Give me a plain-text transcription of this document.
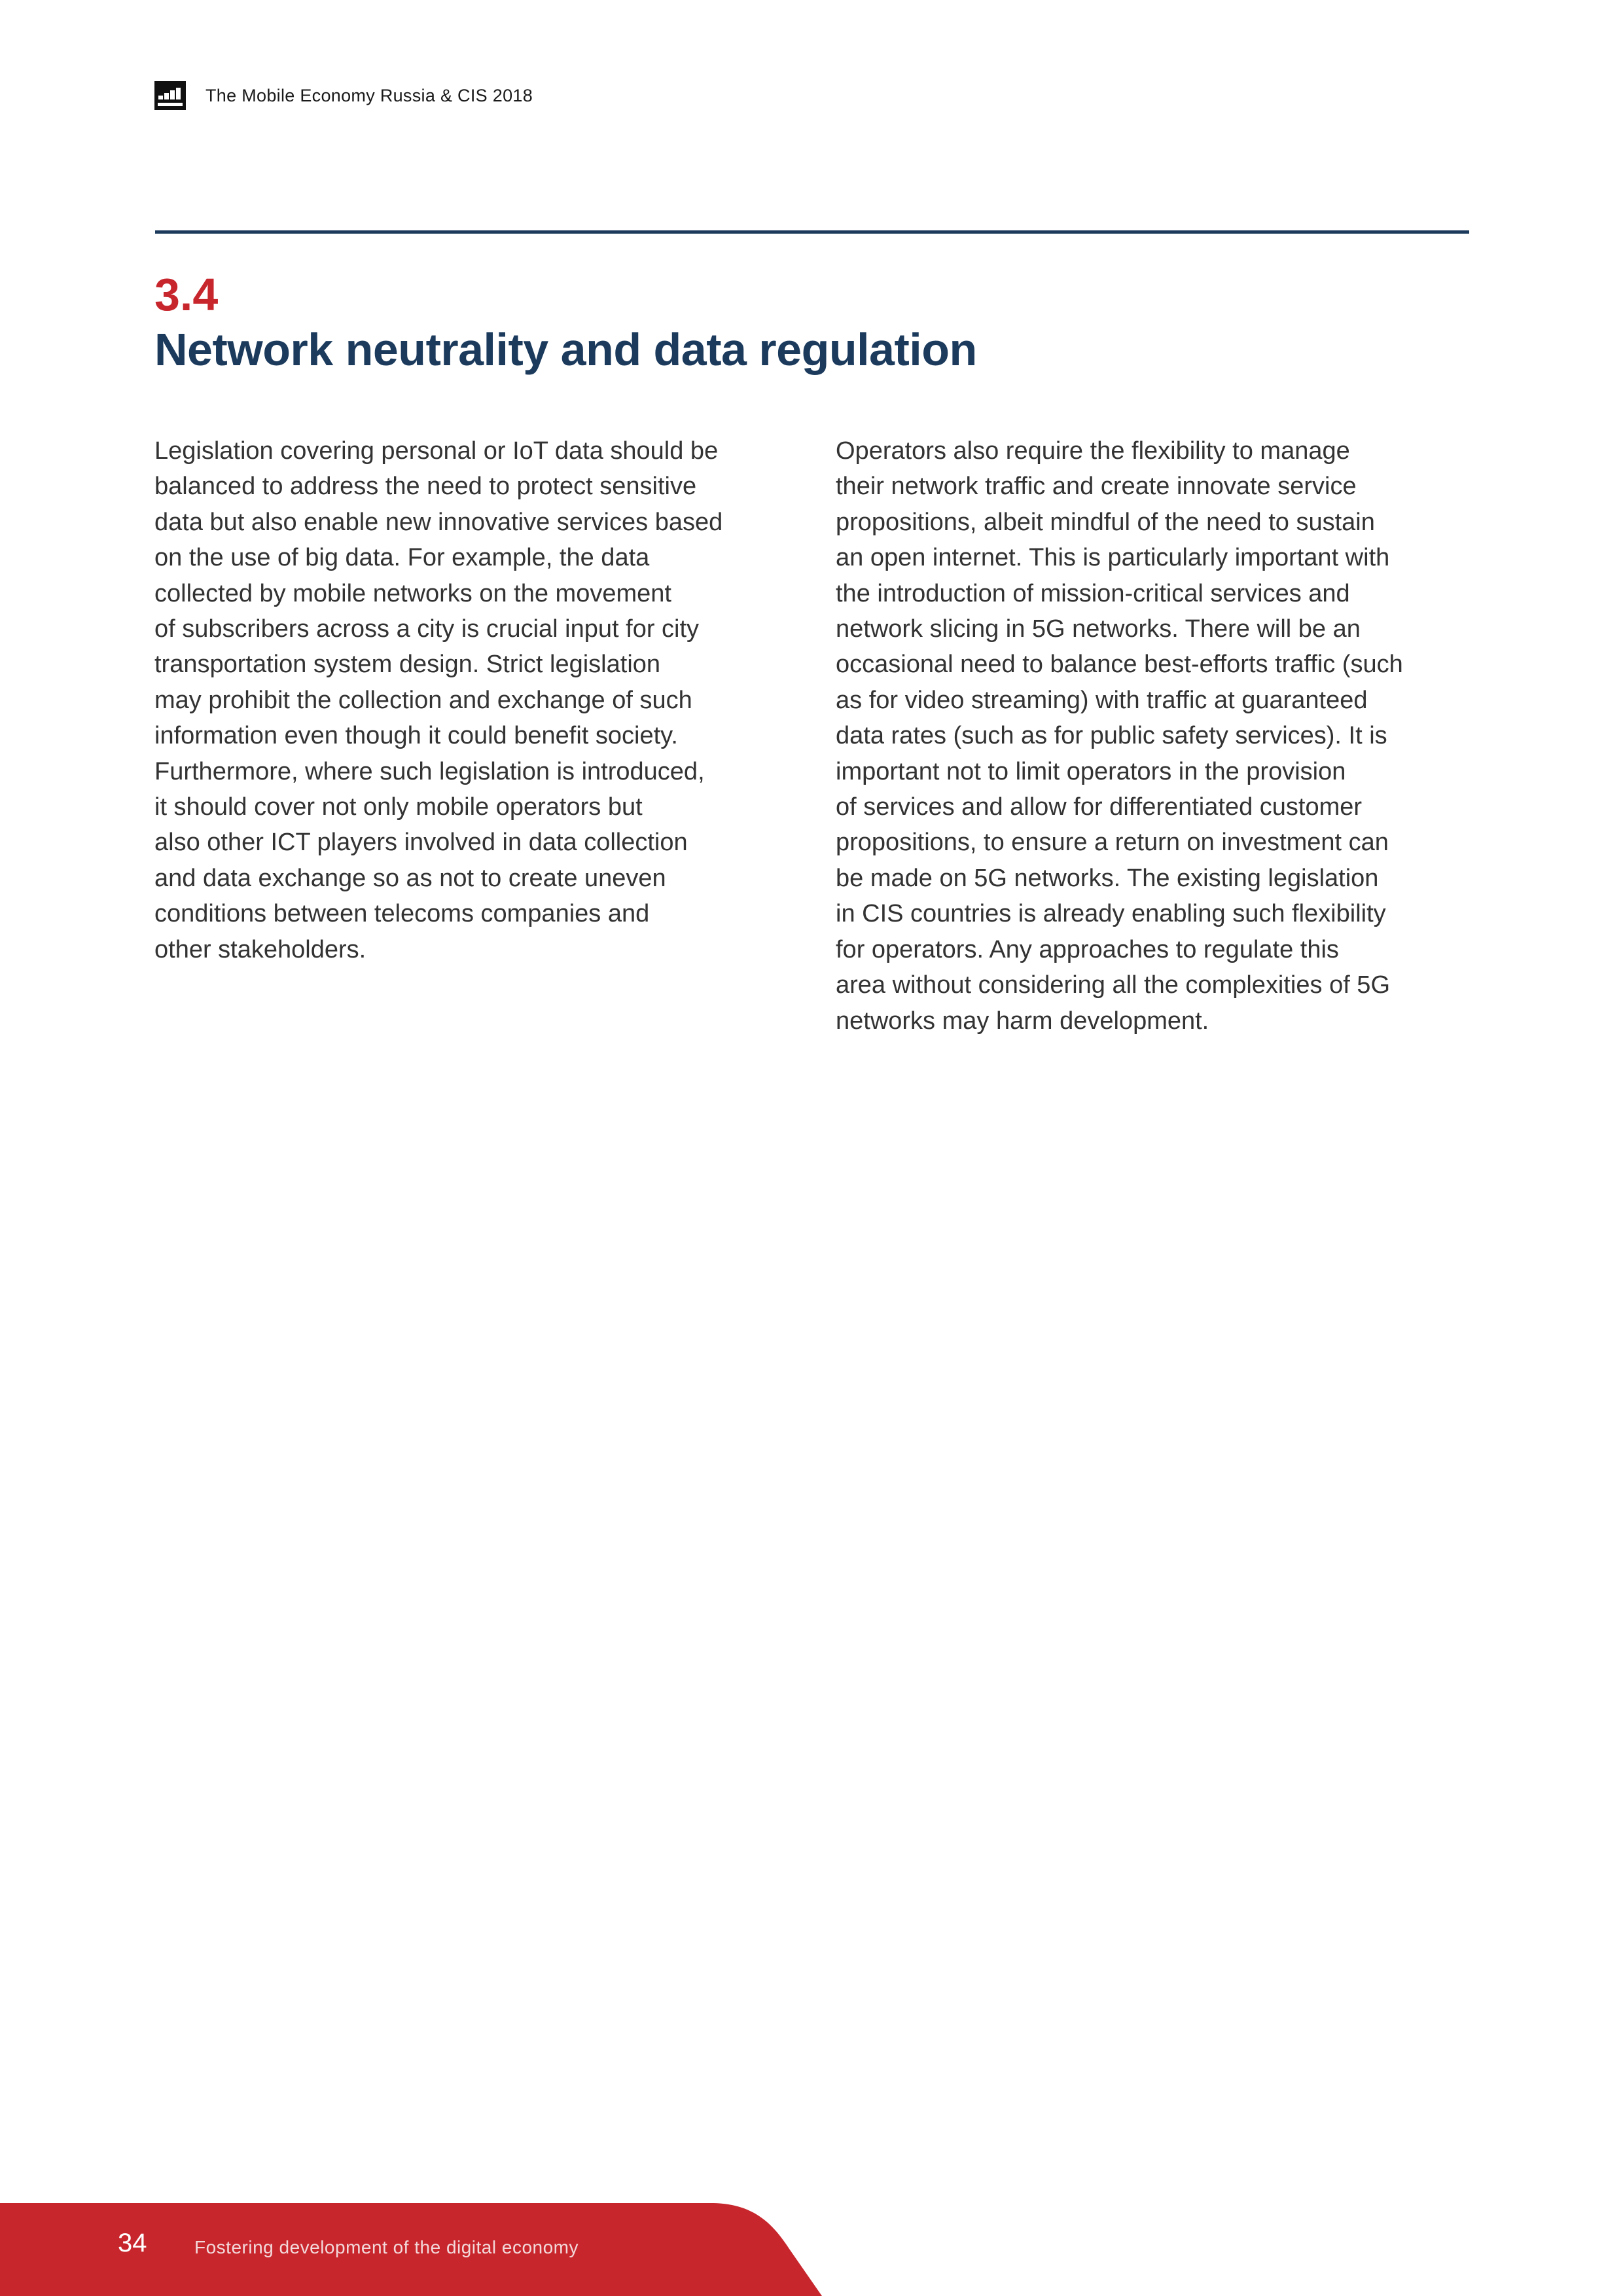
The Mobile Economy Russia & CIS 2018
3.4
Network neutrality and data regulation
Legislation covering personal or IoT data should be
balanced to address the need to protect sensitive
data but also enable new innovative services based
on the use of big data. For example, the data
collected by mobile networks on the movement
of subscribers across a city is crucial input for city
transportation system design. Strict legislation
may prohibit the collection and exchange of such
information even though it could benefit society.
Furthermore, where such legislation is introduced,
it should cover not only mobile operators but
also other ICT players involved in data collection
and data exchange so as not to create uneven
conditions between telecoms companies and
other stakeholders.
Operators also require the flexibility to manage
their network traffic and create innovate service
propositions, albeit mindful of the need to sustain
an open internet. This is particularly important with
the introduction of mission-critical services and
network slicing in 5G networks. There will be an
occasional need to balance best-efforts traffic (such
as for video streaming) with traffic at guaranteed
data rates (such as for public safety services). It is
important not to limit operators in the provision
of services and allow for differentiated customer
propositions, to ensure a return on investment can
be made on 5G networks. The existing legislation
in CIS countries is already enabling such flexibility
for operators. Any approaches to regulate this
area without considering all the complexities of 5G
networks may harm development.
34	Fostering development of the digital economy
